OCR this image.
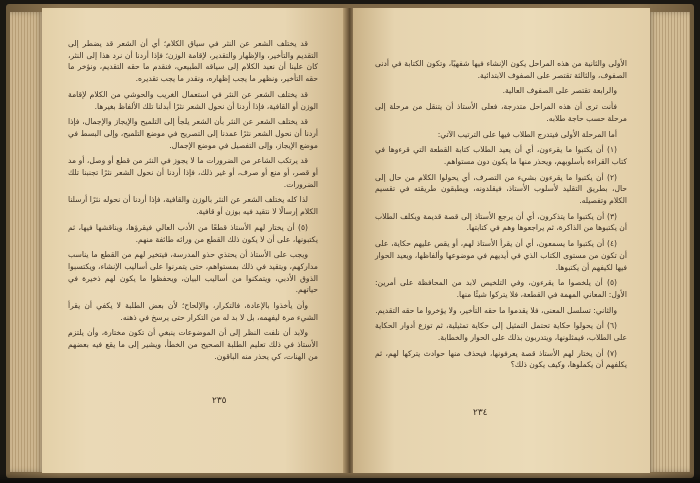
قد يختلف الشعر عن النثر في سياق الكلام؛ أي أن الشعر قد يضطر إلى التقديم والتأخير، والإظهار والتقدير، لإقامة الوزن؛ فإذا أردنا أن نرد هذا إلى النثر، كان علينا أن نعيد الكلام إلى سياقه الطبيعي، فنقدم ما حقه التقديم، ونؤخر ما حقه التأخير، ونظهر ما يجب إظهاره، ونقدر ما يجب تقديره.

قد يختلف الشعر عن النثر في استعمال الغريب والحوشي من الكلام لإقامة الوزن أو القافية، فإذا أردنا أن نحول الشعر نثرًا أبدلنا تلك الألفاظ بغيرها.

قد يختلف الشعر عن النثر بأن الشعر يلجأ إلى التلميح والإيجاز والإجمال، فإذا أردنا أن نحول الشعر نثرًا عمدنا إلى التصريح في موضع التلميح، وإلى البسط في موضع الإيجاز، وإلى التفصيل في موضع الإجمال.

قد يرتكب الشاعر من الضرورات ما لا يجوز في النثر من قطع أو وصل، أو مد أو قصر، أو منع أو صرف، أو غير ذلك، فإذا أردنا أن نحول الشعر نثرًا تجنبنا تلك الضرورات.

لذا كله يختلف الشعر عن النثر بالوزن والقافية، فإذا أردنا أن نحوله نثرًا أرسلنا الكلام إرسالًا لا نتقيد فيه بوزن أو قافية.

(٥) أن يختار لهم الأستاذ قطعًا من الأدب العالي فيقرؤها، ويناقشها فيها، ثم يكتبونها، على أن لا يكون ذلك القطع من ورائه طائفة منهم.

ويجب على الأستاذ أن يحتذي حذو المدرسة، فيتخير لهم من القطع ما يناسب مداركهم، ويتقيد في ذلك بمستواهم، حتى يتمرنوا على أساليب الإنشاء، ويكتسبوا الذوق الأدبي، ويتمكنوا من أساليب البيان، ويحفظوا ما يكون لهم ذخيرة في حياتهم.

وأن يأخذوا بالإعادة، فالتكرار، والإلحاح؛ لأن بعض الطلبة لا يكفي أن يقرأ الشيء مرة ليفهمه، بل لا بد له من التكرار حتى يرسخ في ذهنه.

ولابد أن نلفت النظر إلى أن الموضوعات ينبغي أن تكون مختارة، وأن يلتزم الأستاذ في ذلك تعليم الطلبة الصحيح من الخطأ، ويشير إلى ما يقع فيه بعضهم من الهنات، كي يحذر منه الباقون.

٢٣٥

الأولى والثانية من هذه المراحل يكون الإنشاء فيها شفهيًا، وتكون الكتابة في أدنى الصفوف، والثالثة تقتصر على الصفوف الابتدائية.

والرابعة تقتصر على الصفوف العالية.

فأنت ترى أن هذه المراحل متدرجة، فعلى الأستاذ أن يتنقل من مرحلة إلى مرحلة حسب حاجة طلابه.

أما المرحلة الأولى فيتدرج الطلاب فيها على الترتيب الآتي:

(١) أن يكتبوا ما يقرءون، أي أن يعيد الطلاب كتابة القطعة التي قرءوها في كتاب القراءة بأسلوبهم، ويحذر منها ما يكون دون مستواهم.

(٢) أن يكتبوا ما يقرءون بشيء من التصرف، أي يحولوا الكلام من حال إلى حال، بطريق التقليد لأسلوب الأستاذ، فيقلدونه، ويطبقون طريقته في تقسيم الكلام وتفصيله.

(٣) أن يكتبوا ما يتذكرون، أي أن يرجع الأستاذ إلى قصة قديمة ويكلف الطلاب أن يكتبوها من الذاكرة، ثم يراجعوها وهم في كتابتها.

(٤) أن يكتبوا ما يسمعون، أي أن يقرأ الأستاذ لهم، أو يقص عليهم حكاية، على أن تكون من مستوى الكتاب الذي في أيديهم في موضوعها وألفاظها، ويعيد الحوار فيها لكيفهم أن يكتبوها.

(٥) أن يلخصوا ما يقرءون، وفي التلخيص لابد من المحافظة على أمرين: الأول: المعاني المهمة في القطعة، فلا يتركوا شيئًا منها.

والثاني: تسلسل المعنى، فلا يقدموا ما حقه التأخير، ولا يؤخروا ما حقه التقديم.

(٦) أن يحولوا حكاية تحتمل التمثيل إلى حكاية تمثيلية، ثم توزع أدوار الحكاية على الطلاب، فيمثلونها، ويتدربون بذلك على الحوار والخطابة.

(٧) أن يختار لهم الأستاذ قصة يعرفونها، فيحذف منها حوادث يتركها لهم، ثم يكلفهم أن يكملوها، وكيف يكون ذلك؟

٢٣٤
